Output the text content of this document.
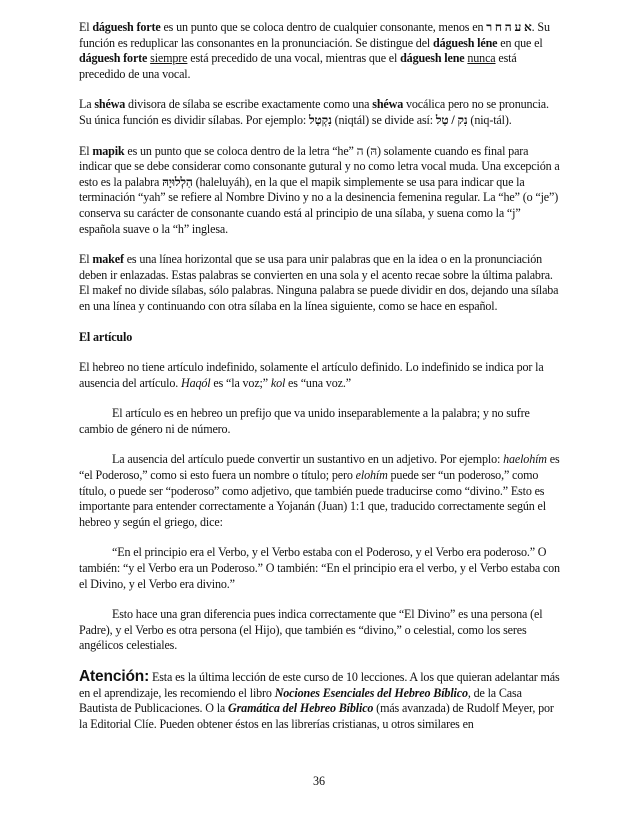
El dáguesh forte es un punto que se coloca dentro de cualquier consonante, menos en א ע ה ח ר. Su función es reduplicar las consonantes en la pronunciación. Se distingue del dáguesh léne en que el dáguesh forte siempre está precedido de una vocal, mientras que el dáguesh lene nunca está precedido de una vocal.

La shéwa divisora de sílaba se escribe exactamente como una shéwa vocálica pero no se pronuncia. Su única función es dividir sílabas. Por ejemplo: נִקְטַל (niqtál) se divide así: נִק / טַל (niq-tál).

El mapik es un punto que se coloca dentro de la letra “he” ה (הּ) solamente cuando es final para indicar que se debe considerar como consonante gutural y no como letra vocal muda. Una excepción a esto es la palabra הַלְלוּיָהּ (haleluyáh), en la que el mapik simplemente se usa para indicar que la terminación “yah” se refiere al Nombre Divino y no a la desinencia femenina regular. La “he” (o “je”) conserva su carácter de consonante cuando está al principio de una sílaba, y suena como la “j” española suave o la “h” inglesa.

El makef es una línea horizontal que se usa para unir palabras que en la idea o en la pronunciación deben ir enlazadas. Estas palabras se convierten en una sola y el acento recae sobre la última palabra. El makef no divide sílabas, sólo palabras. Ninguna palabra se puede dividir en dos, dejando una sílaba en una línea y continuando con otra sílaba en la línea siguiente, como se hace en español.

El artículo

El hebreo no tiene artículo indefinido, solamente el artículo definido. Lo indefinido se indica por la ausencia del artículo. Haqól es “la voz;” kol es “una voz.”

El artículo es en hebreo un prefijo que va unido inseparablemente a la palabra; y no sufre cambio de género ni de número.

La ausencia del artículo puede convertir un sustantivo en un adjetivo. Por ejemplo: haelohím es “el Poderoso,” como si esto fuera un nombre o título; pero elohím puede ser “un poderoso,” como título, o puede ser “poderoso” como adjetivo, que también puede traducirse como “divino.” Esto es importante para entender correctamente a Yojanán (Juan) 1:1 que, traducido correctamente según el hebreo y según el griego, dice:

“En el principio era el Verbo, y el Verbo estaba con el Poderoso, y el Verbo era poderoso.” O también: “y el Verbo era un Poderoso.” O también: “En el principio era el verbo, y el Verbo estaba con el Divino, y el Verbo era divino.”

Esto hace una gran diferencia pues indica correctamente que “El Divino” es una persona (el Padre), y el Verbo es otra persona (el Hijo), que también es “divino,” o celestial, como los seres angélicos celestiales.

Atención: Esta es la última lección de este curso de 10 lecciones. A los que quieran adelantar más en el aprendizaje, les recomiendo el libro Nociones Esenciales del Hebreo Bíblico, de la Casa Bautista de Publicaciones. O la Gramática del Hebreo Bíblico (más avanzada) de Rudolf Meyer, por la Editorial Clíe. Pueden obtener éstos en las librerías cristianas, u otros similares en

36
